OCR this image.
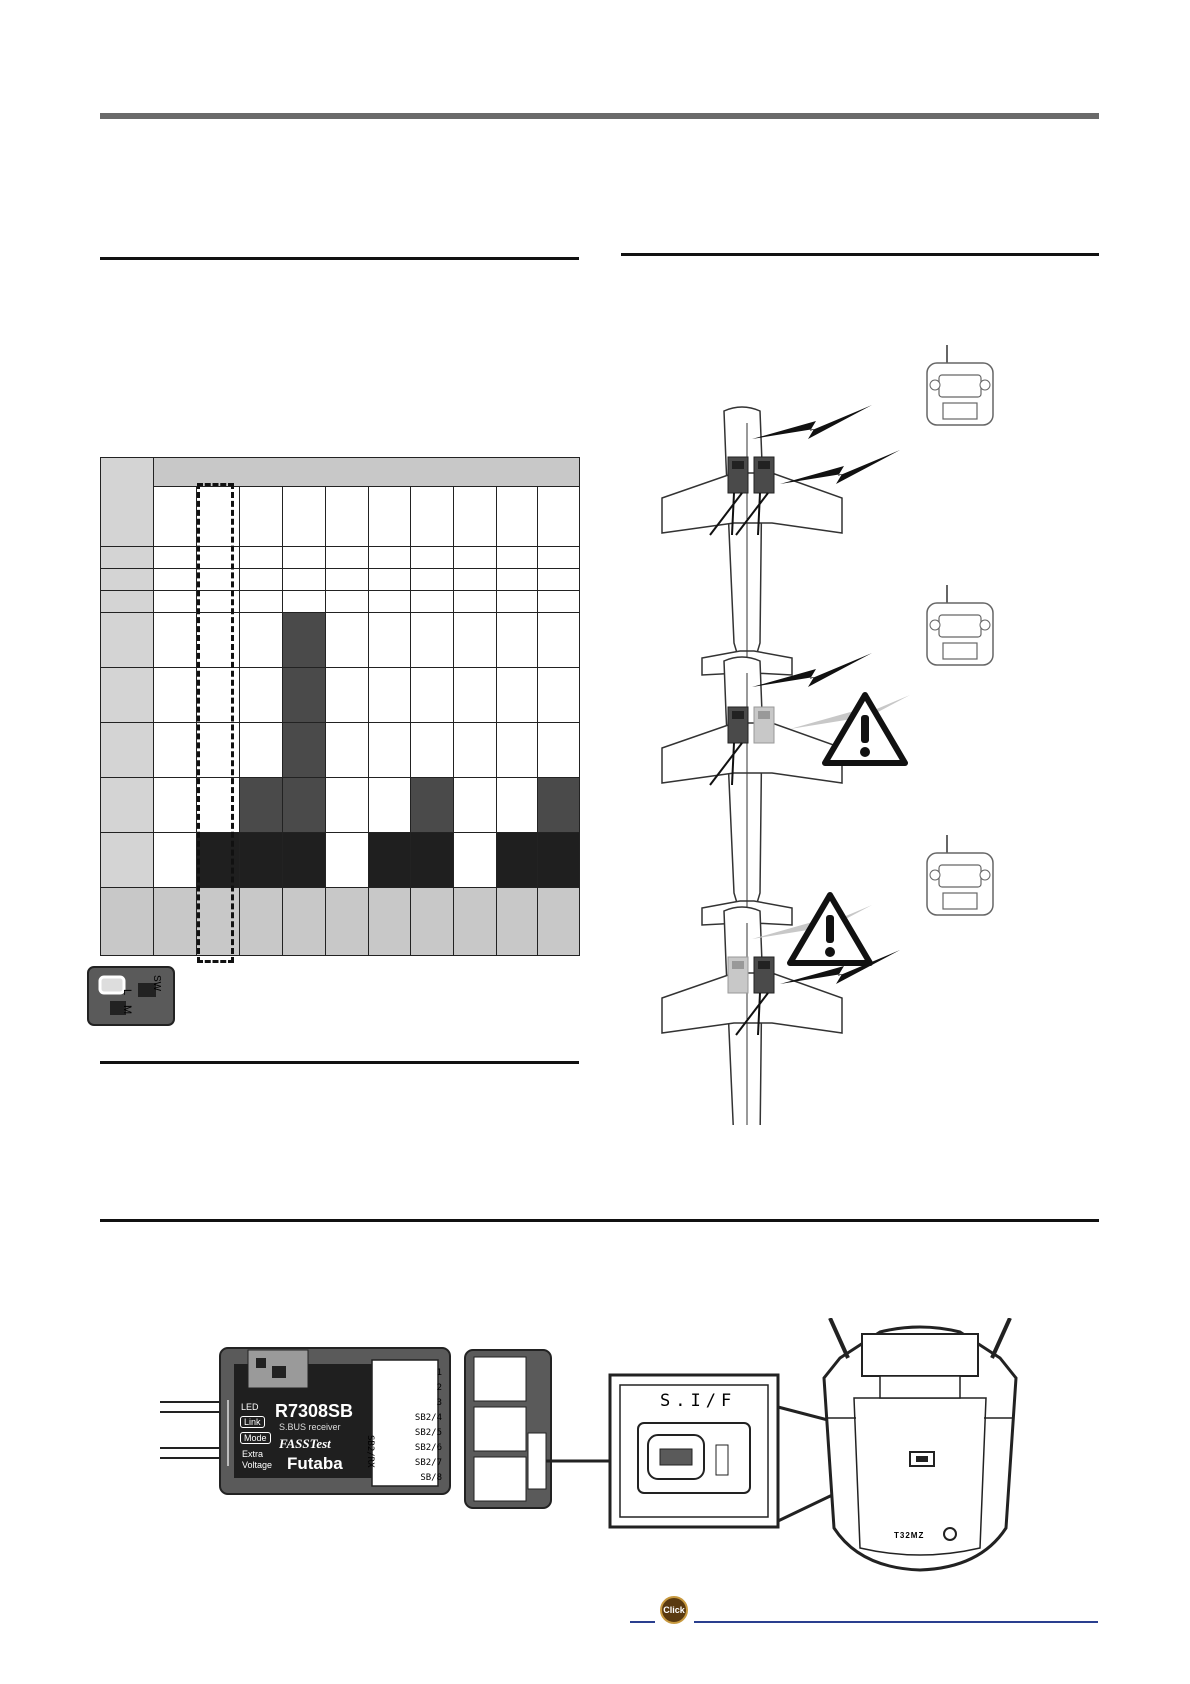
SW
L
M
R7308SB
S.BUS receiver
FASSTest
Futaba
LED
Link
Mode
Extra
Voltage
1
2
3
SB2/4
SB2/5
SB2/6
SB2/7
SB/8
SB2/RX
S.I/F
T32MZ
Click
